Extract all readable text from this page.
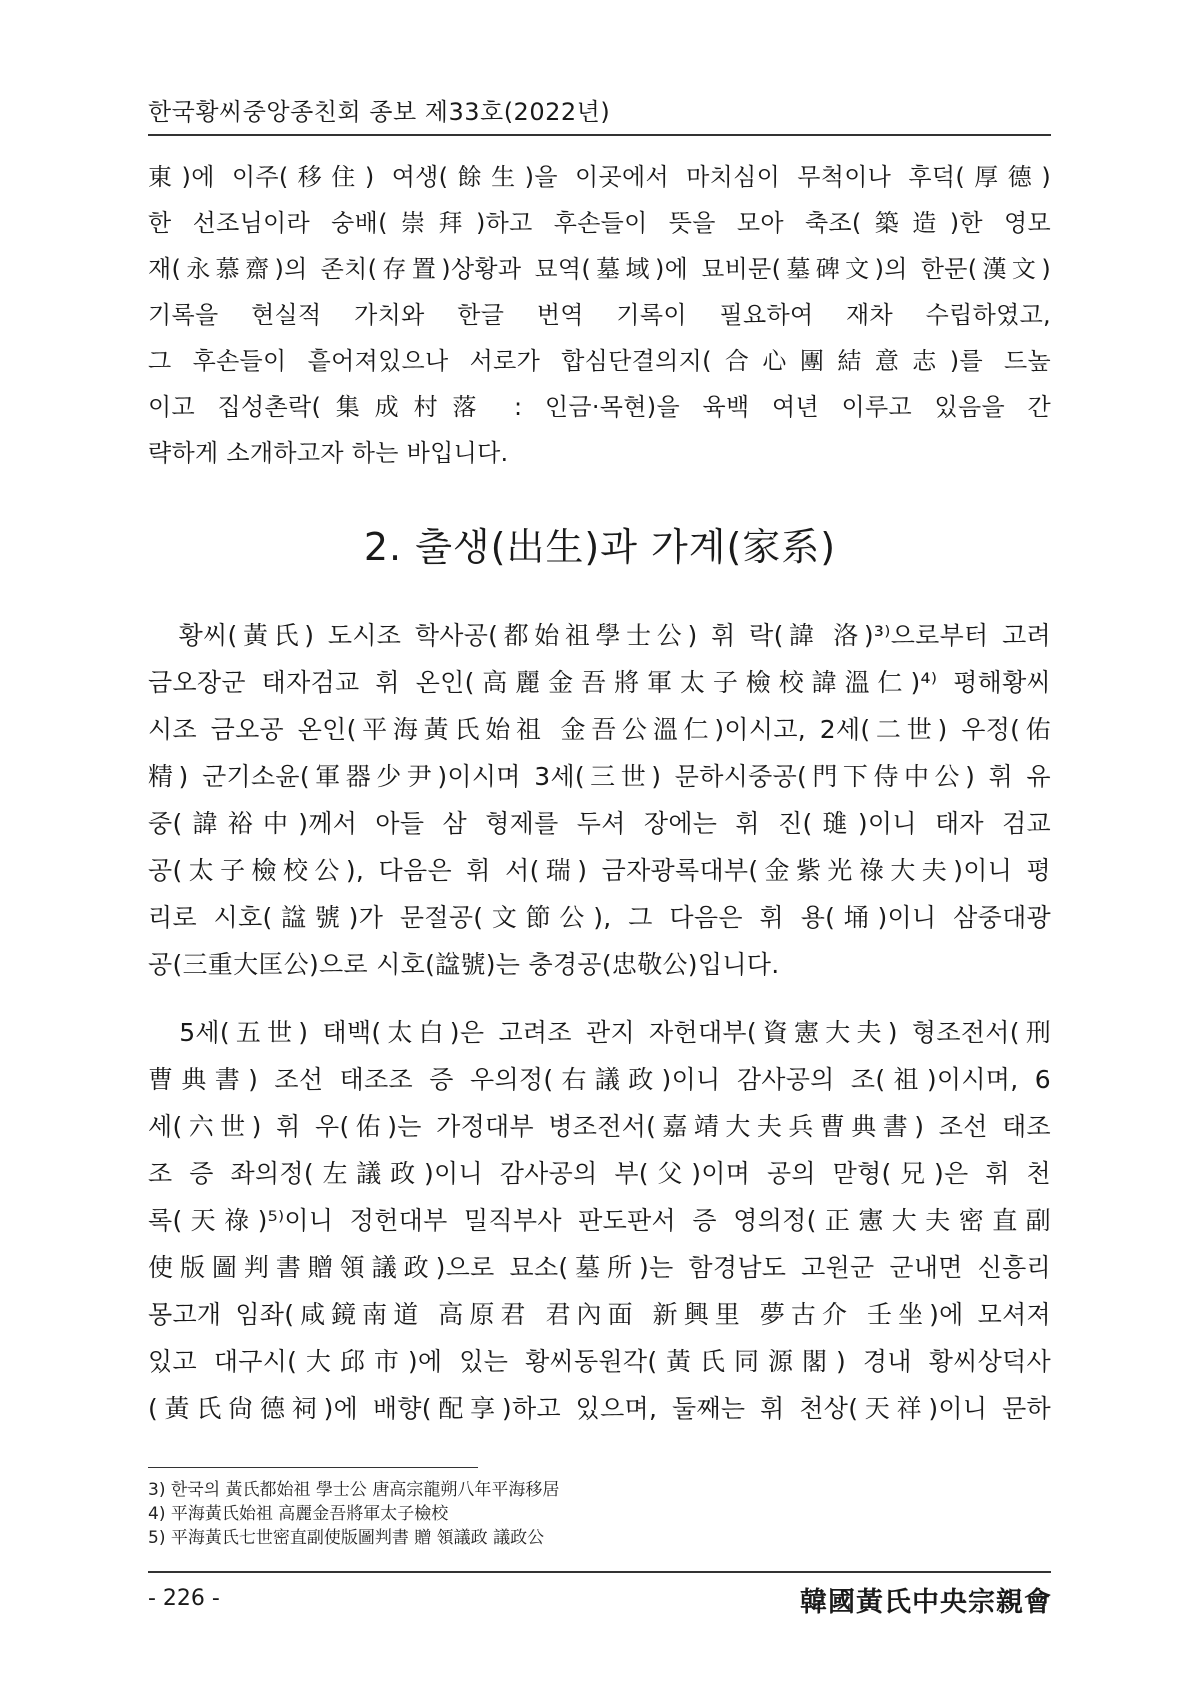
한국황씨중앙종친회 종보 제33호(2022년)
東)에 이주(移住) 여생(餘生)을 이곳에서 마치심이 무척이나 후덕(厚德)
한 선조님이라 숭배(崇拜)하고 후손들이 뜻을 모아 축조(築造)한 영모
재(永慕齋)의 존치(存置)상황과 묘역(墓域)에 묘비문(墓碑文)의 한문(漢文)
기록을 현실적 가치와 한글 번역 기록이 필요하여 재차 수립하였고,
그 후손들이 흩어져있으나 서로가 합심단결의지(合心團結意志)를 드높
이고 집성촌락(集成村落 : 인금·목현)을 육백 여년 이루고 있음을 간
략하게 소개하고자 하는 바입니다.
2. 출생(出生)과 가계(家系)
　황씨(黃氏) 도시조 학사공(都始祖學士公) 휘 락(諱 洛)³⁾으로부터 고려
금오장군 태자검교 휘 온인(高麗金吾將軍太子檢校諱溫仁)⁴⁾ 평해황씨
시조 금오공 온인(平海黃氏始祖 金吾公溫仁)이시고, 2세(二世) 우정(佑
精) 군기소윤(軍器少尹)이시며 3세(三世) 문하시중공(門下侍中公) 휘 유
중(諱裕中)께서 아들 삼 형제를 두셔 장에는 휘 진(璡)이니 태자 검교
공(太子檢校公), 다음은 휘 서(瑞) 금자광록대부(金紫光祿大夫)이니 평
리로 시호(諡號)가 문절공(文節公), 그 다음은 휘 용(埇)이니 삼중대광
공(三重大匡公)으로 시호(諡號)는 충경공(忠敬公)입니다.
　5세(五世) 태백(太白)은 고려조 관지 자헌대부(資憲大夫) 형조전서(刑
曹典書) 조선 태조조 증 우의정(右議政)이니 감사공의 조(祖)이시며, 6
세(六世) 휘 우(佑)는 가정대부 병조전서(嘉靖大夫兵曹典書) 조선 태조
조 증 좌의정(左議政)이니 감사공의 부(父)이며 공의 맏형(兄)은 휘 천
록(天祿)⁵⁾이니 정헌대부 밀직부사 판도판서 증 영의정(正憲大夫密直副
使版圖判書贈領議政)으로 묘소(墓所)는 함경남도 고원군 군내면 신흥리
몽고개 임좌(咸鏡南道 高原君 君內面 新興里 夢古介 壬坐)에 모셔져
있고 대구시(大邱市)에 있는 황씨동원각(黃氏同源閣) 경내 황씨상덕사
(黃氏尙德祠)에 배향(配享)하고 있으며, 둘째는 휘 천상(天祥)이니 문하
3) 한국의 黃氏都始祖 學士公 唐高宗龍朔八年平海移居
4) 平海黃氏始祖 高麗金吾將軍太子檢校
5) 平海黃氏七世密直副使版圖判書 贈 領議政 議政公
- 226 -	韓國黃氏中央宗親會
